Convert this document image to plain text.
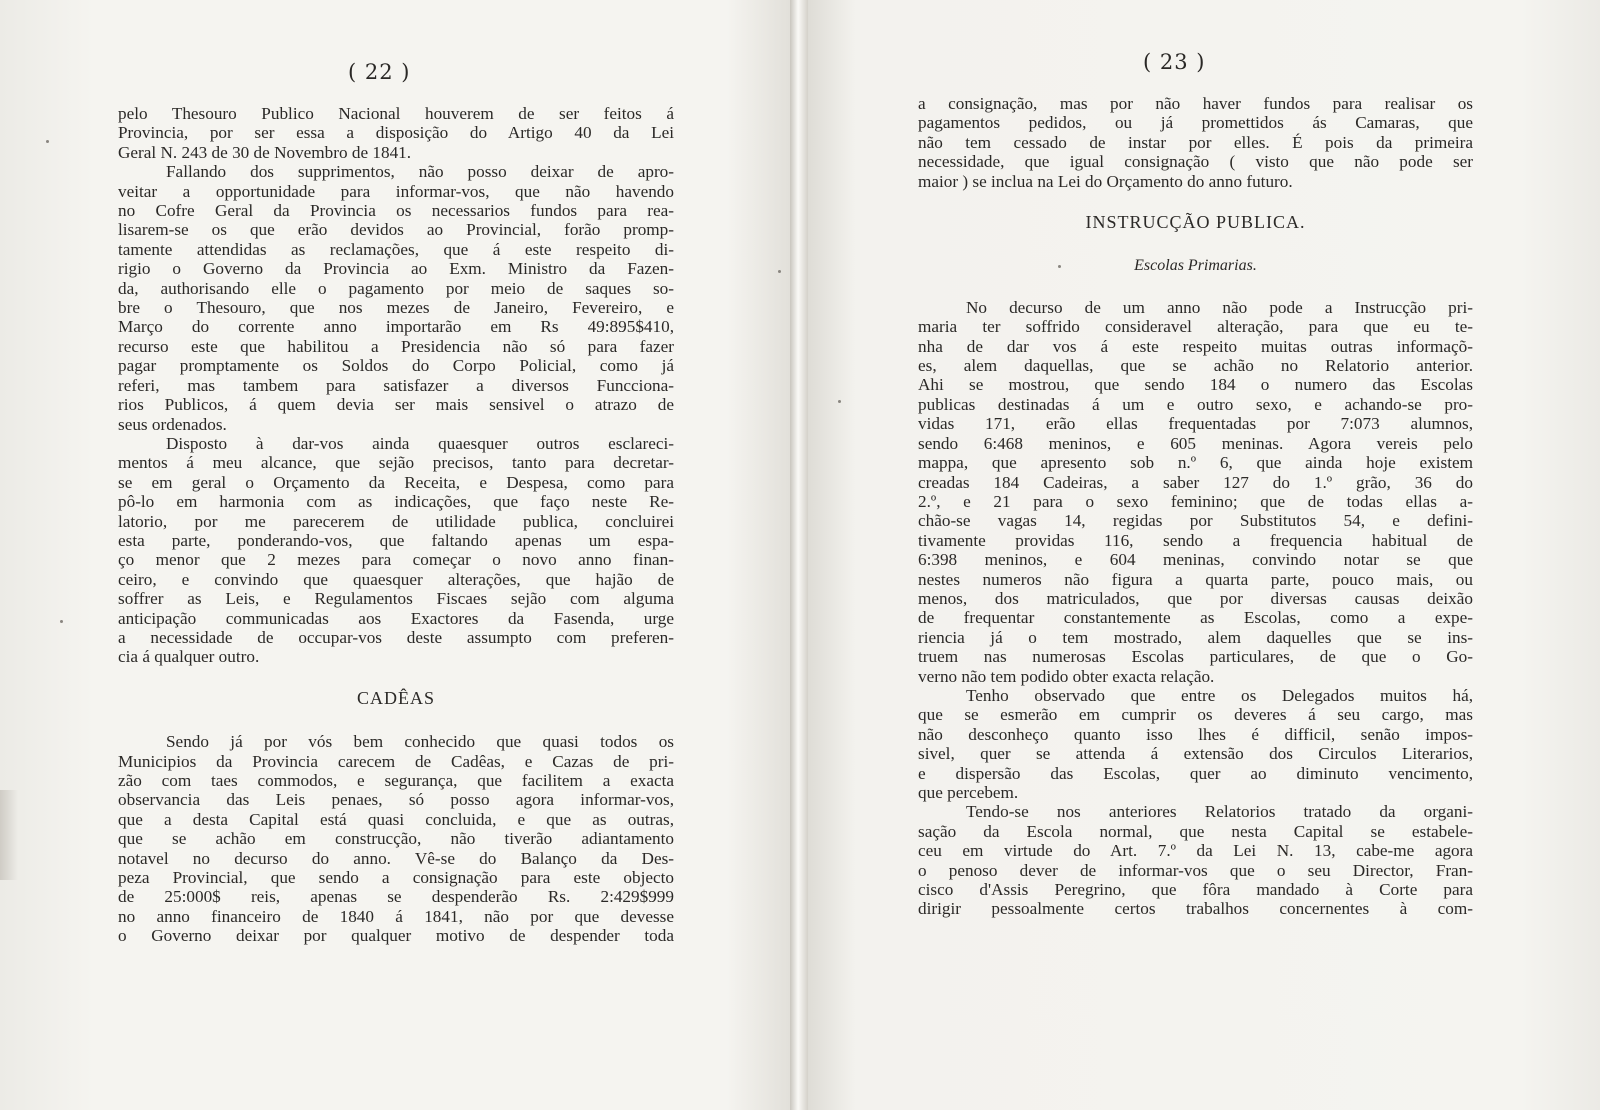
( 22 )
pelo Thesouro Publico Nacional houverem de ser feitos á
Provincia, por ser essa a disposição do Artigo 40 da Lei
Geral N. 243 de 30 de Novembro de 1841.
Fallando dos supprimentos, não posso deixar de apro-
veitar a opportunidade para informar-vos, que não havendo
no Cofre Geral da Provincia os necessarios fundos para rea-
lisarem-se os que erão devidos ao Provincial, forão promp-
tamente attendidas as reclamações, que á este respeito di-
rigio o Governo da Provincia ao Exm. Ministro da Fazen-
da, authorisando elle o pagamento por meio de saques so-
bre o Thesouro, que nos mezes de Janeiro, Fevereiro, e
Março do corrente anno importarão em Rs 49:895$410,
recurso este que habilitou a Presidencia não só para fazer
pagar promptamente os Soldos do Corpo Policial, como já
referi, mas tambem para satisfazer a diversos Funcciona-
rios Publicos, á quem devia ser mais sensivel o atrazo de
seus ordenados.
Disposto à dar-vos ainda quaesquer outros esclareci-
mentos á meu alcance, que sejão precisos, tanto para decretar-
se em geral o Orçamento da Receita, e Despesa, como para
pô-lo em harmonia com as indicações, que faço neste Re-
latorio, por me parecerem de utilidade publica, concluirei
esta parte, ponderando-vos, que faltando apenas um espa-
ço menor que 2 mezes para começar o novo anno finan-
ceiro, e convindo que quaesquer alterações, que hajão de
soffrer as Leis, e Regulamentos Fiscaes sejão com alguma
anticipação communicadas aos Exactores da Fasenda, urge
a necessidade de occupar-vos deste assumpto com preferen-
cia á qualquer outro.
CADÊAS
Sendo já por vós bem conhecido que quasi todos os
Municipios da Provincia carecem de Cadêas, e Cazas de pri-
zão com taes commodos, e segurança, que facilitem a exacta
observancia das Leis penaes, só posso agora informar-vos,
que a desta Capital está quasi concluida, e que as outras,
que se achão em construcção, não tiverão adiantamento
notavel no decurso do anno. Vê-se do Balanço da Des-
peza Provincial, que sendo a consignação para este objecto
de 25:000$ reis, apenas se despenderão Rs. 2:429$999
no anno financeiro de 1840 á 1841, não por que devesse
o Governo deixar por qualquer motivo de despender toda
( 23 )
a consignação, mas por não haver fundos para realisar os
pagamentos pedidos, ou já promettidos ás Camaras, que
não tem cessado de instar por elles. É pois da primeira
necessidade, que igual consignação ( visto que não pode ser
maior ) se inclua na Lei do Orçamento do anno futuro.
INSTRUCÇÃO PUBLICA.
Escolas Primarias.
No decurso de um anno não pode a Instrucção pri-
maria ter soffrido consideravel alteração, para que eu te-
nha de dar vos á este respeito muitas outras informaçõ-
es, alem daquellas, que se achão no Relatorio anterior.
Ahi se mostrou, que sendo 184 o numero das Escolas
publicas destinadas á um e outro sexo, e achando-se pro-
vidas 171, erão ellas frequentadas por 7:073 alumnos,
sendo 6:468 meninos, e 605 meninas. Agora vereis pelo
mappa, que apresento sob n.º 6, que ainda hoje existem
creadas 184 Cadeiras, a saber 127 do 1.º grão, 36 do
2.º, e 21 para o sexo feminino; que de todas ellas a-
chão-se vagas 14, regidas por Substitutos 54, e defini-
tivamente providas 116, sendo a frequencia habitual de
6:398 meninos, e 604 meninas, convindo notar se que
nestes numeros não figura a quarta parte, pouco mais, ou
menos, dos matriculados, que por diversas causas deixão
de frequentar constantemente as Escolas, como a expe-
riencia já o tem mostrado, alem daquelles que se ins-
truem nas numerosas Escolas particulares, de que o Go-
verno não tem podido obter exacta relação.
Tenho observado que entre os Delegados muitos há,
que se esmerão em cumprir os deveres á seu cargo, mas
não desconheço quanto isso lhes é difficil, senão impos-
sivel, quer se attenda á extensão dos Circulos Literarios,
e dispersão das Escolas, quer ao diminuto vencimento,
que percebem.
Tendo-se nos anteriores Relatorios tratado da organi-
sação da Escola normal, que nesta Capital se estabele-
ceu em virtude do Art. 7.º da Lei N. 13, cabe-me agora
o penoso dever de informar-vos que o seu Director, Fran-
cisco d'Assis Peregrino, que fôra mandado à Corte para
dirigir pessoalmente certos trabalhos concernentes à com-
